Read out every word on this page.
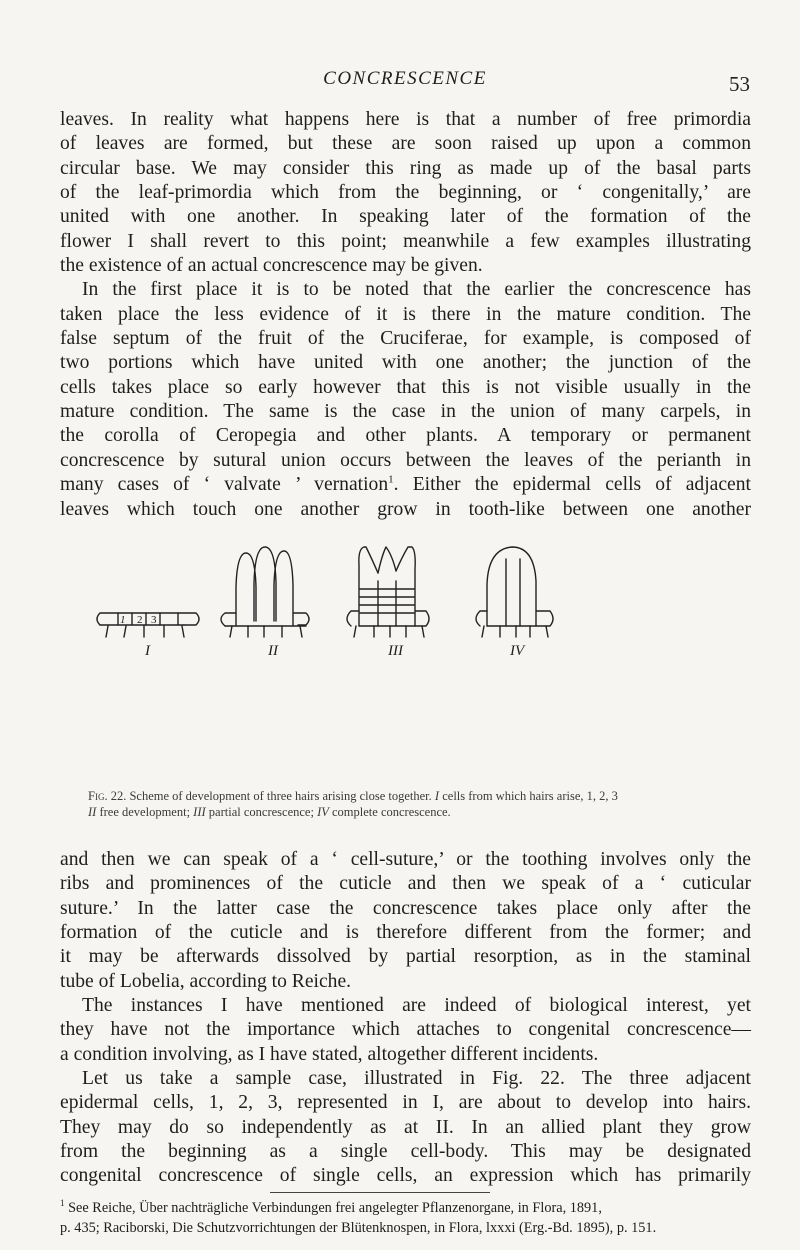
CONCRESCENCE	53
leaves. In reality what happens here is that a number of free primordia
of leaves are formed, but these are soon raised up upon a common
circular base. We may consider this ring as made up of the basal parts
of the leaf-primordia which from the beginning, or ‘ congenitally,’ are
united with one another. In speaking later of the formation of the
flower I shall revert to this point; meanwhile a few examples illustrating
the existence of an actual concrescence may be given.
In the first place it is to be noted that the earlier the concrescence has
taken place the less evidence of it is there in the mature condition. The
false septum of the fruit of the Cruciferae, for example, is composed of
two portions which have united with one another; the junction of the
cells takes place so early however that this is not visible usually in the
mature condition. The same is the case in the union of many carpels, in
the corolla of Ceropegia and other plants. A temporary or permanent
concrescence by sutural union occurs between the leaves of the perianth in
many cases of ‘ valvate ’ vernation$^1$. Either the epidermal cells of adjacent
leaves which touch one another grow in tooth-like between one another
1 2 3
I	II	III	IV
Fig. 22. Scheme of development of three hairs arising close together. I cells from which hairs arise, 1, 2, 3
II free development; III partial concrescence; IV complete concrescence.
and then we can speak of a ‘ cell-suture,’ or the toothing involves only the
ribs and prominences of the cuticle and then we speak of a ‘ cuticular
suture.’ In the latter case the concrescence takes place only after the
formation of the cuticle and is therefore different from the former; and
it may be afterwards dissolved by partial resorption, as in the staminal
tube of Lobelia, according to Reiche.
The instances I have mentioned are indeed of biological interest, yet
they have not the importance which attaches to congenital concrescence—
a condition involving, as I have stated, altogether different incidents.
Let us take a sample case, illustrated in Fig. 22. The three adjacent
epidermal cells, 1, 2, 3, represented in I, are about to develop into hairs.
They may do so independently as at II. In an allied plant they grow
from the beginning as a single cell-body. This may be designated
congenital concrescence of single cells, an expression which has primarily
$^1$ See Reiche, Über nachträgliche Verbindungen frei angelegter Pflanzenorgane, in Flora, 1891,
p. 435; Raciborski, Die Schutzvorrichtungen der Blütenknospen, in Flora, lxxxi (Erg.-Bd. 1895), p. 151.
